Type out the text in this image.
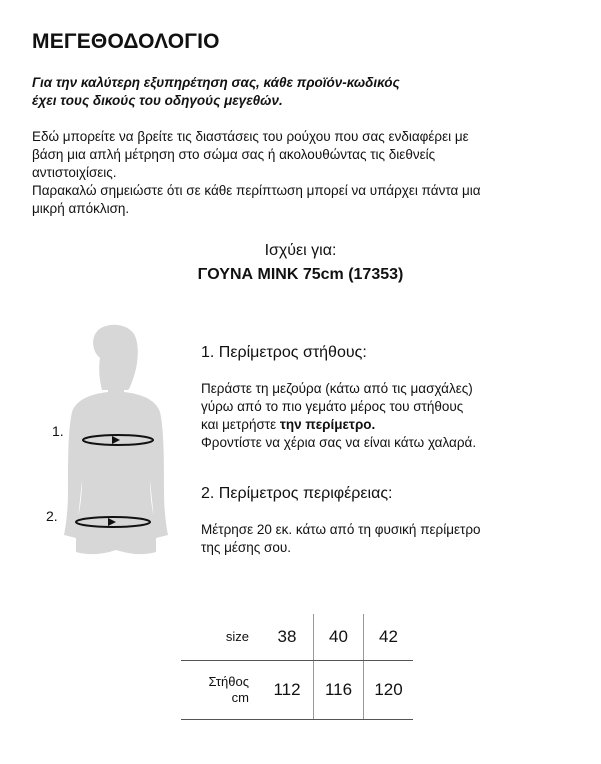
ΜΕΓΕΘΟΔΟΛΟΓΙΟ
Για την καλύτερη εξυπηρέτηση σας, κάθε προϊόν-κωδικός
έχει τους δικούς του οδηγούς μεγεθών.
Εδώ μπορείτε να βρείτε τις διαστάσεις του ρούχου που σας ενδιαφέρει με
βάση μια απλή μέτρηση στο σώμα σας ή ακολουθώντας τις διεθνείς
αντιστοιχίσεις.
Παρακαλώ σημειώστε ότι σε κάθε περίπτωση μπορεί να υπάρχει πάντα μια
μικρή απόκλιση.
Ισχύει για:
ΓΟΥΝΑ MINK 75cm (17353)
1.
2.
1. Περίμετρος στήθους:
Περάστε τη μεζούρα (κάτω από τις μασχάλες)
γύρω από το πιο γεμάτο μέρος του στήθους
και μετρήστε την περίμετρο.
Φροντίστε να χέρια σας να είναι κάτω χαλαρά.
2. Περίμετρος περιφέρειας:
Μέτρησε 20 εκ. κάτω από τη φυσική περίμετρο
της μέσης σου.
size	38	40	42

Στήθος
cm	112	116	120
